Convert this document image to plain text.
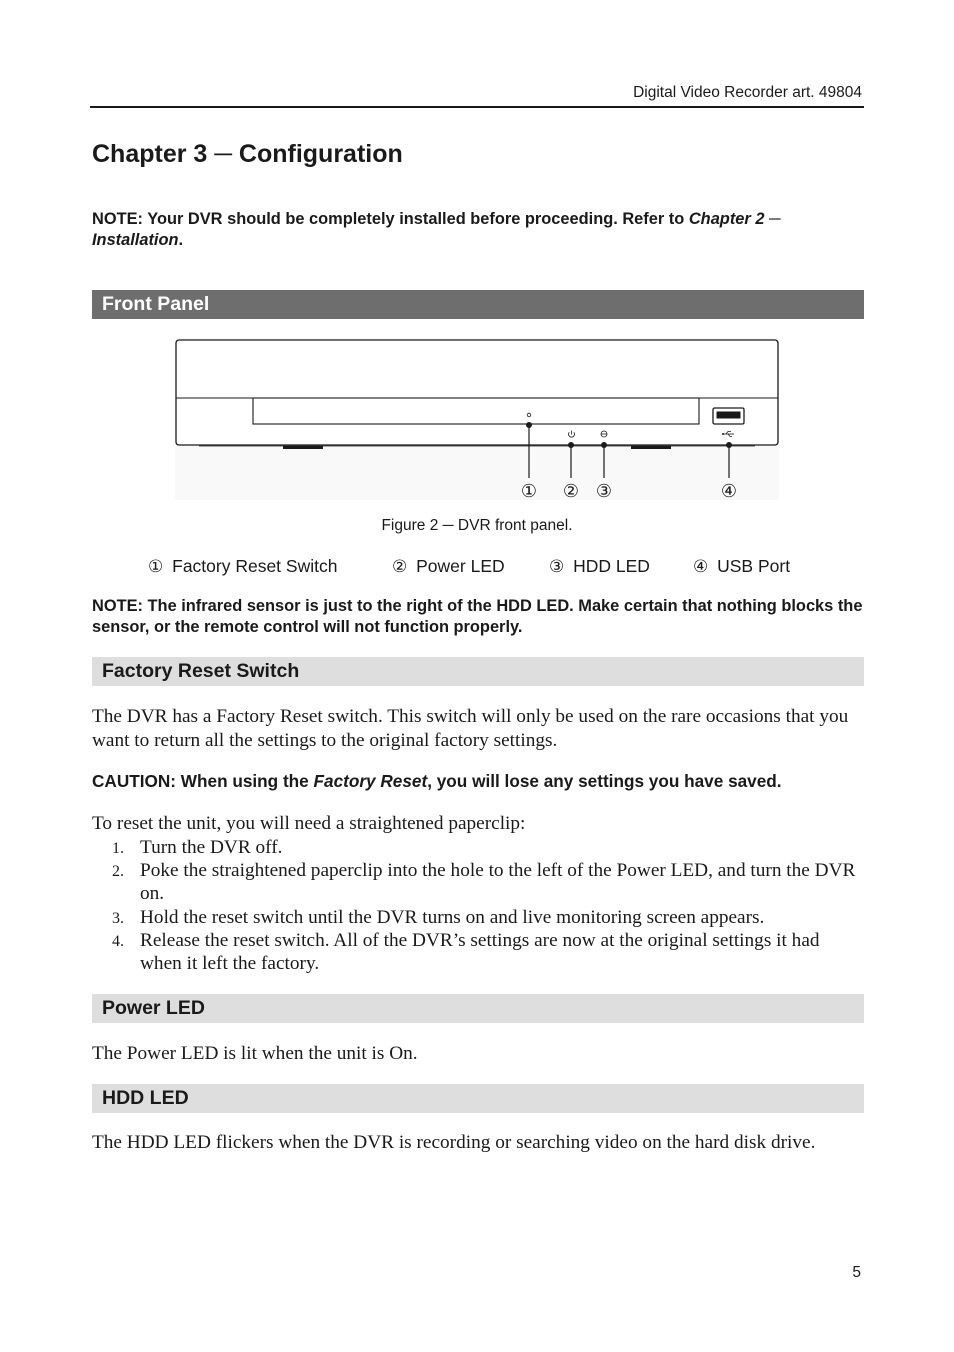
Digital Video Recorder art. 49804
Chapter 3 ─ Configuration

NOTE: Your DVR should be completely installed before proceeding. Refer to Chapter 2 ─ Installation.

Front Panel
① ② ③	④
Figure 2 ─ DVR front panel.
① Factory Reset Switch	② Power LED	③ HDD LED	④ USB Port

NOTE: The infrared sensor is just to the right of the HDD LED. Make certain that nothing blocks the sensor, or the remote control will not function properly.

Factory Reset Switch

The DVR has a Factory Reset switch. This switch will only be used on the rare occasions that you want to return all the settings to the original factory settings.

CAUTION: When using the Factory Reset, you will lose any settings you have saved.

To reset the unit, you will need a straightened paperclip:

1. Turn the DVR off.
2. Poke the straightened paperclip into the hole to the left of the Power LED, and turn the DVR on.
3. Hold the reset switch until the DVR turns on and live monitoring screen appears.
4. Release the reset switch. All of the DVR’s settings are now at the original settings it had when it left the factory.
Power LED

The Power LED is lit when the unit is On.

HDD LED

The HDD LED flickers when the DVR is recording or searching video on the hard disk drive.

5
